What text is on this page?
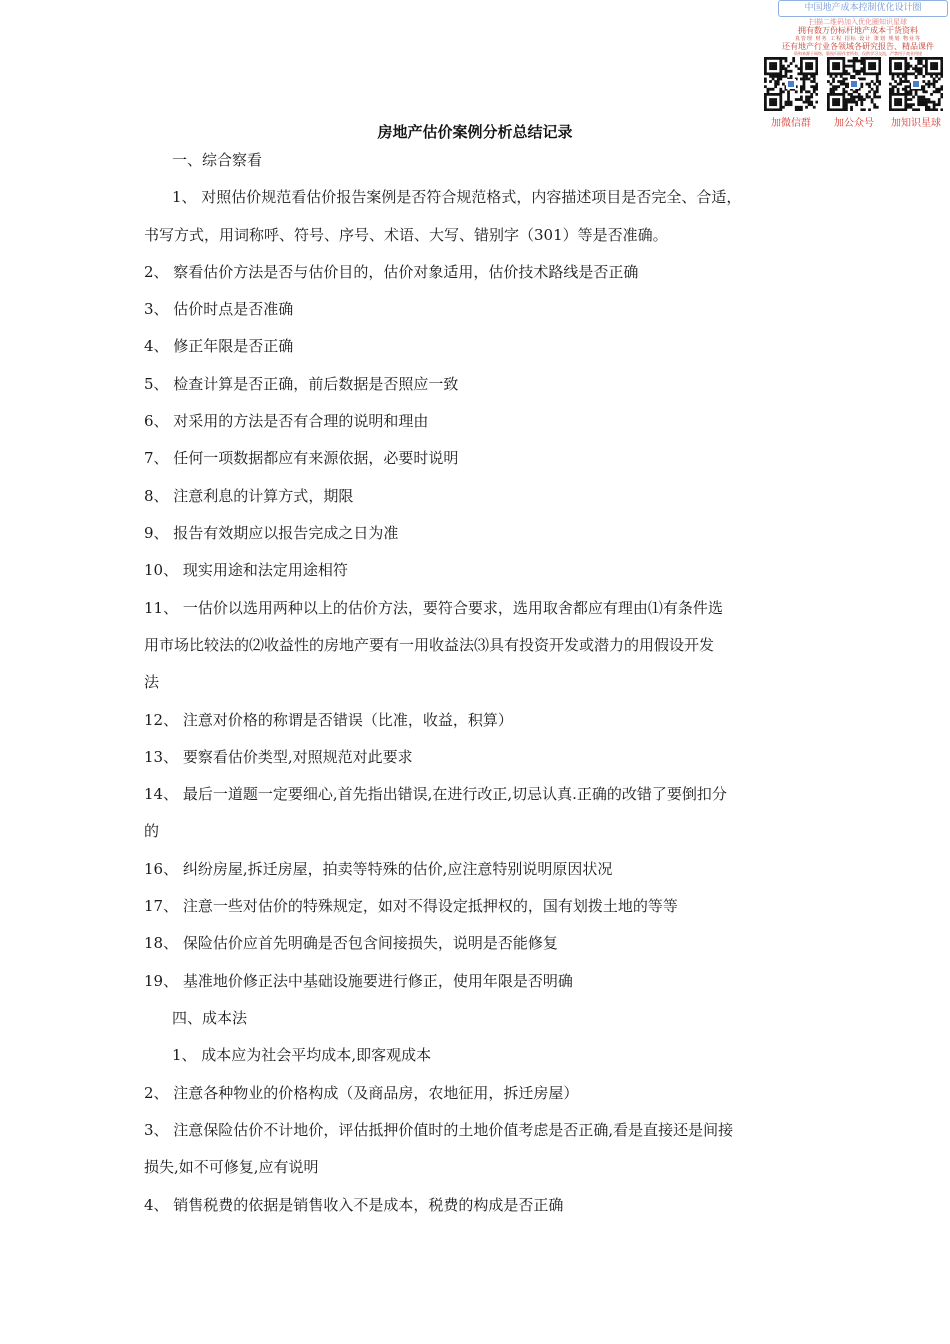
中国地产成本控制优化设计圈
扫描二维码加入优化圈知识星球
拥有数万份标杆地产成本干货资料
真管理 财务 工程 招标 设计 策划 规划 物业等
还有地产行业各领域各研究报告、精品课件
资料来源于网络，版权归原作者所有，仅供学习交流，严禁用于商业用途
加微信群	加公众号	加知识星球
房地产估价案例分析总结记录
一、综合察看
1、 对照估价规范看估价报告案例是否符合规范格式，内容描述项目是否完全、合适，
书写方式，用词称呼、符号、序号、术语、大写、错别字（301）等是否准确。
2、 察看估价方法是否与估价目的，估价对象适用，估价技术路线是否正确
3、 估价时点是否准确
4、 修正年限是否正确
5、 检查计算是否正确，前后数据是否照应一致
6、 对采用的方法是否有合理的说明和理由
7、 任何一项数据都应有来源依据，必要时说明
8、 注意利息的计算方式，期限
9、 报告有效期应以报告完成之日为准
10、 现实用途和法定用途相符
11、 一估价以选用两种以上的估价方法，要符合要求，选用取舍都应有理由⑴有条件选
用市场比较法的⑵收益性的房地产要有一用收益法⑶具有投资开发或潜力的用假设开发
法
12、 注意对价格的称谓是否错误（比准，收益，积算）
13、 要察看估价类型,对照规范对此要求
14、 最后一道题一定要细心,首先指出错误,在进行改正,切忌认真.正确的改错了要倒扣分
的
16、 纠纷房屋,拆迁房屋，拍卖等特殊的估价,应注意特别说明原因状况
17、 注意一些对估价的特殊规定，如对不得设定抵押权的，国有划拨土地的等等
18、 保险估价应首先明确是否包含间接损失，说明是否能修复
19、 基准地价修正法中基础设施要进行修正，使用年限是否明确
四、成本法
1、 成本应为社会平均成本,即客观成本
2、 注意各种物业的价格构成（及商品房，农地征用，拆迁房屋）
3、 注意保险估价不计地价，评估抵押价值时的土地价值考虑是否正确,看是直接还是间接
损失,如不可修复,应有说明
4、 销售税费的依据是销售收入不是成本，税费的构成是否正确
